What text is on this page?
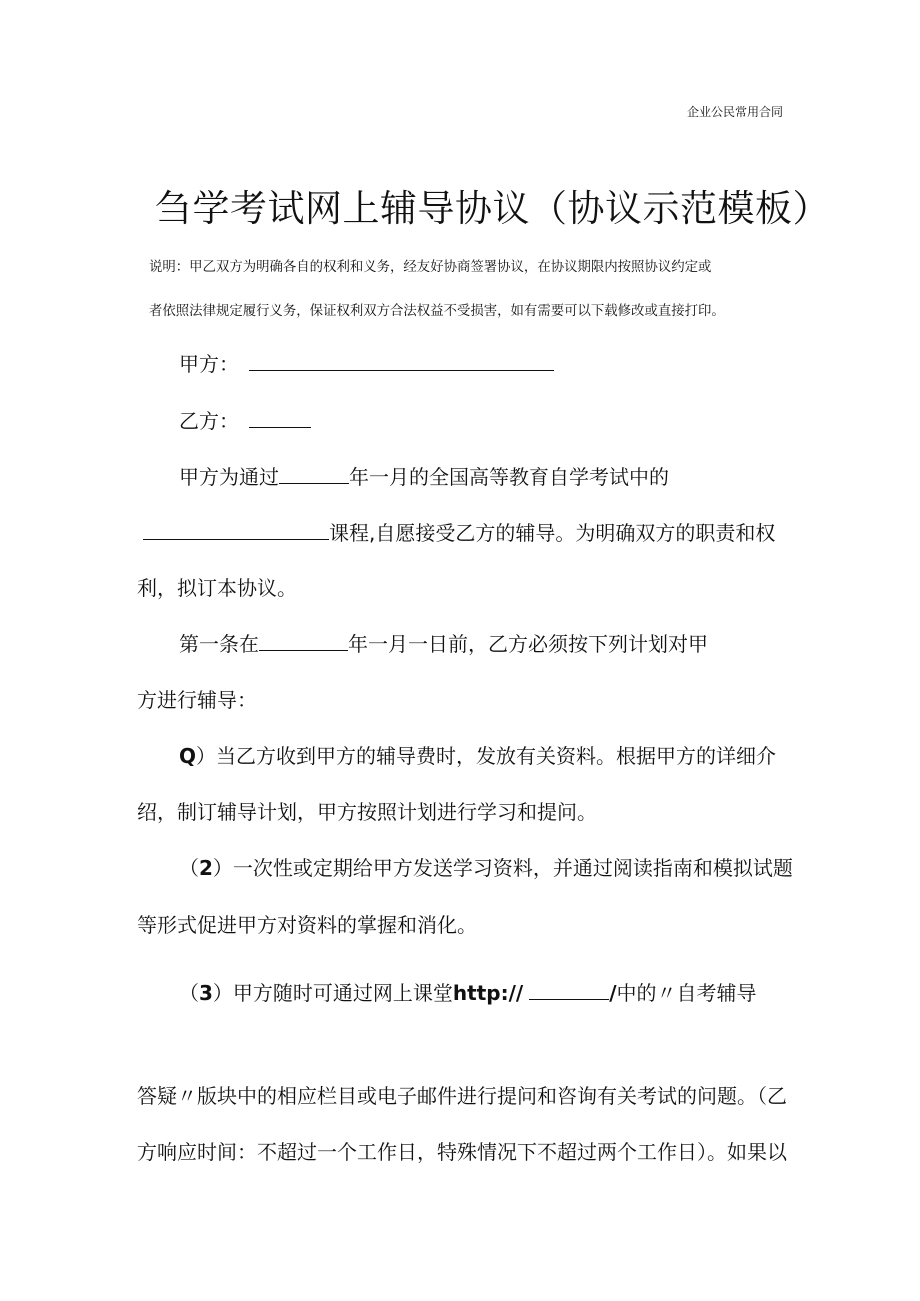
企业公民常用合同
刍学考试网上辅导协议（协议示范模板）
说明：甲乙双方为明确各自的权利和义务，经友好协商签署协议，在协议期限内按照协议约定或
者依照法律规定履行义务，保证权利双方合法权益不受损害，如有需要可以下载修改或直接打印。
甲方：
乙方：
甲方为通过	年一月的全国高等教育自学考试中的
课程,自愿接受乙方的辅导。为明确双方的职责和权
利，拟订本协议。
第一条在	年一月一日前，乙方必须按下列计划对甲
方进行辅导：
Q）当乙方收到甲方的辅导费时，发放有关资料。根据甲方的详细介
绍，制订辅导计划，甲方按照计划进行学习和提问。
（2）一次性或定期给甲方发送学习资料，并通过阅读指南和模拟试题
等形式促进甲方对资料的掌握和消化。
（3）甲方随时可通过网上课堂http://	/中的〃自考辅导
答疑〃版块中的相应栏目或电子邮件进行提问和咨询有关考试的问题。（乙
方响应时间：不超过一个工作日，特殊情况下不超过两个工作日）。如果以
